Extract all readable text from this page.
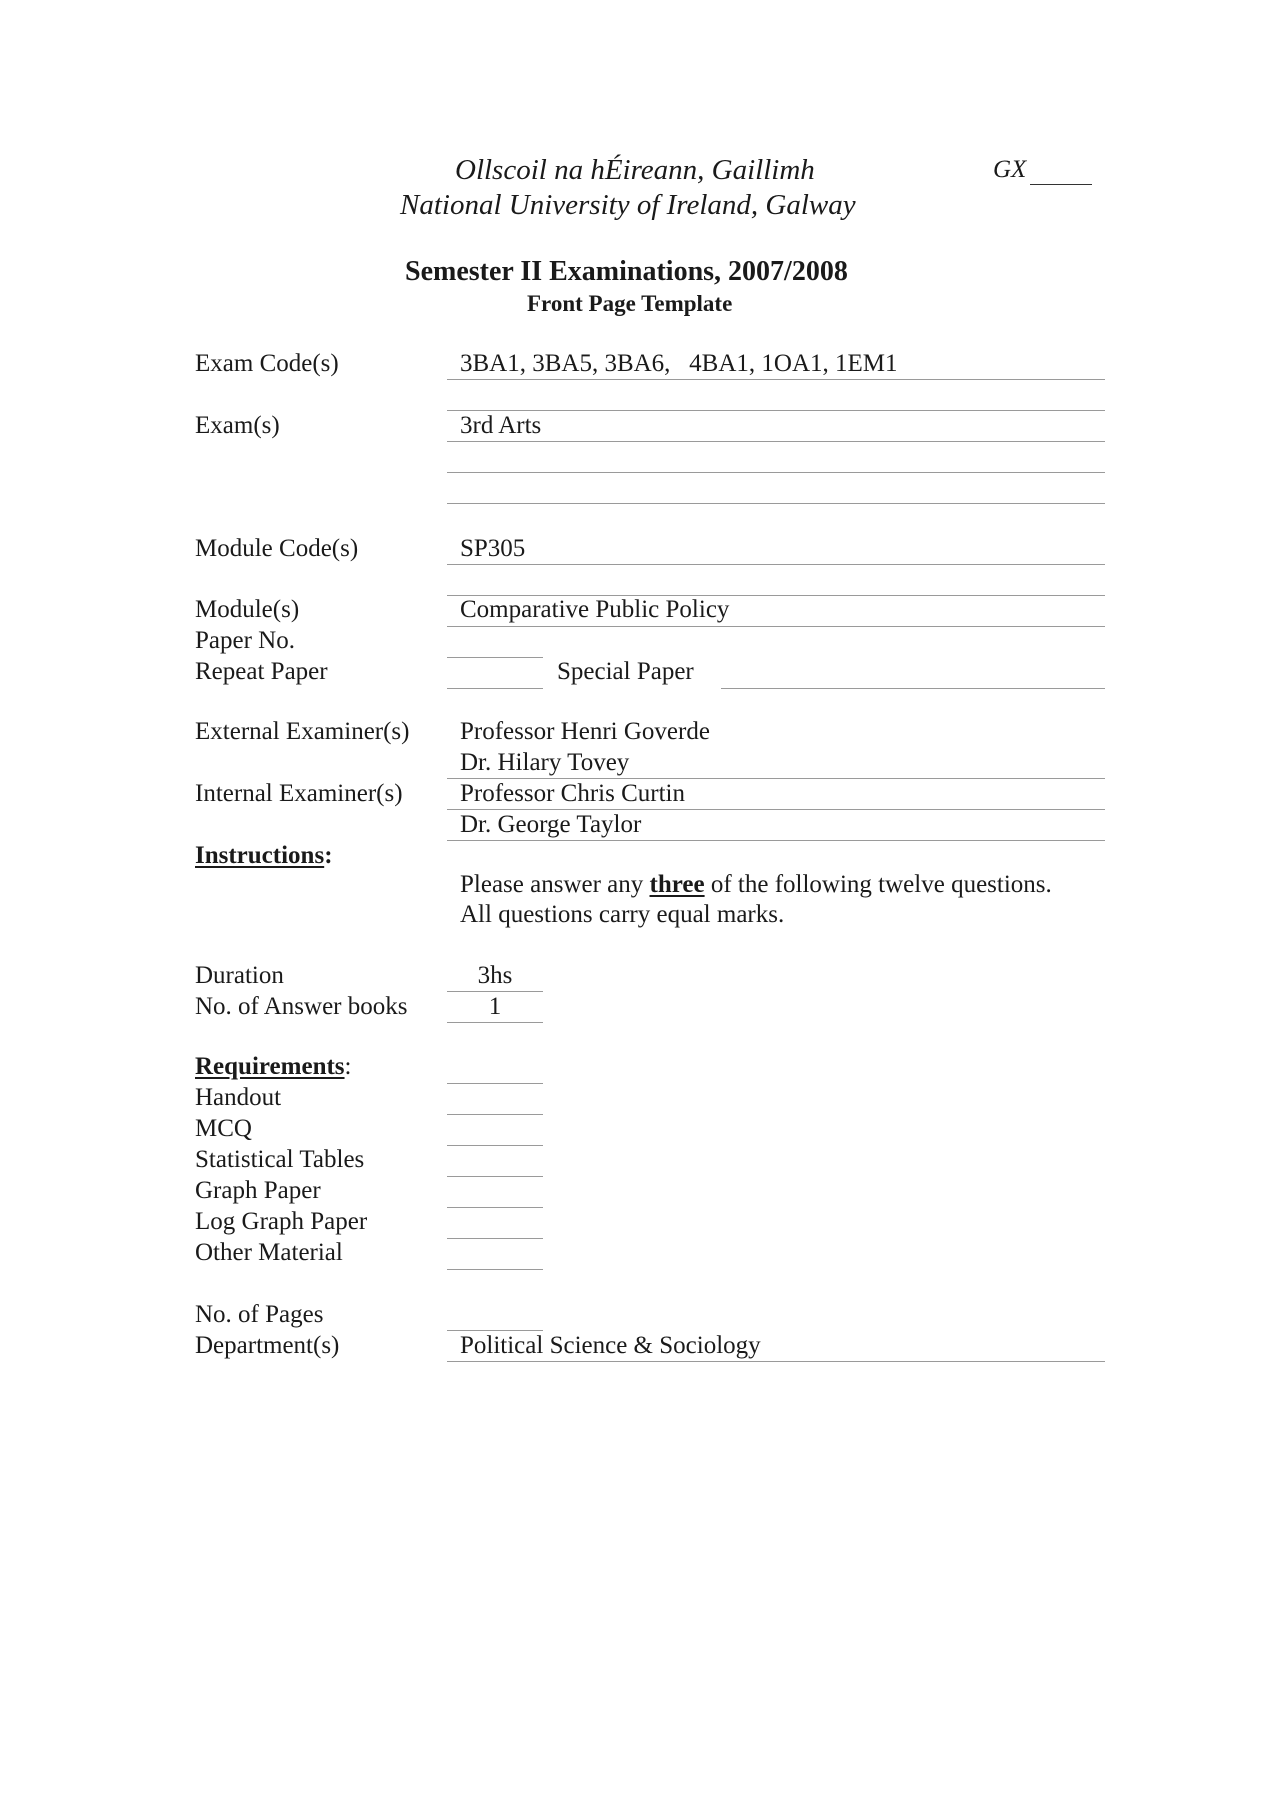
Ollscoil na hÉireann, Gaillimh
National University of Ireland, Galway
GX
Semester II Examinations, 2007/2008
Front Page Template
Exam Code(s)	3BA1, 3BA5, 3BA6,   4BA1, 1OA1, 1EM1
Exam(s)	3rd Arts
Module Code(s)	SP305
Module(s)	Comparative Public Policy
Paper No.
Repeat Paper	Special Paper
External Examiner(s) Professor Henri Goverde
Dr. Hilary Tovey
Internal Examiner(s) Professor Chris Curtin
Dr. George Taylor
Instructions:
Please answer any three of the following twelve questions.
All questions carry equal marks.
Duration	3hs
No. of Answer books	1
Requirements:
Handout
MCQ
Statistical Tables
Graph Paper
Log Graph Paper
Other Material
No. of Pages
Department(s)	Political Science & Sociology
